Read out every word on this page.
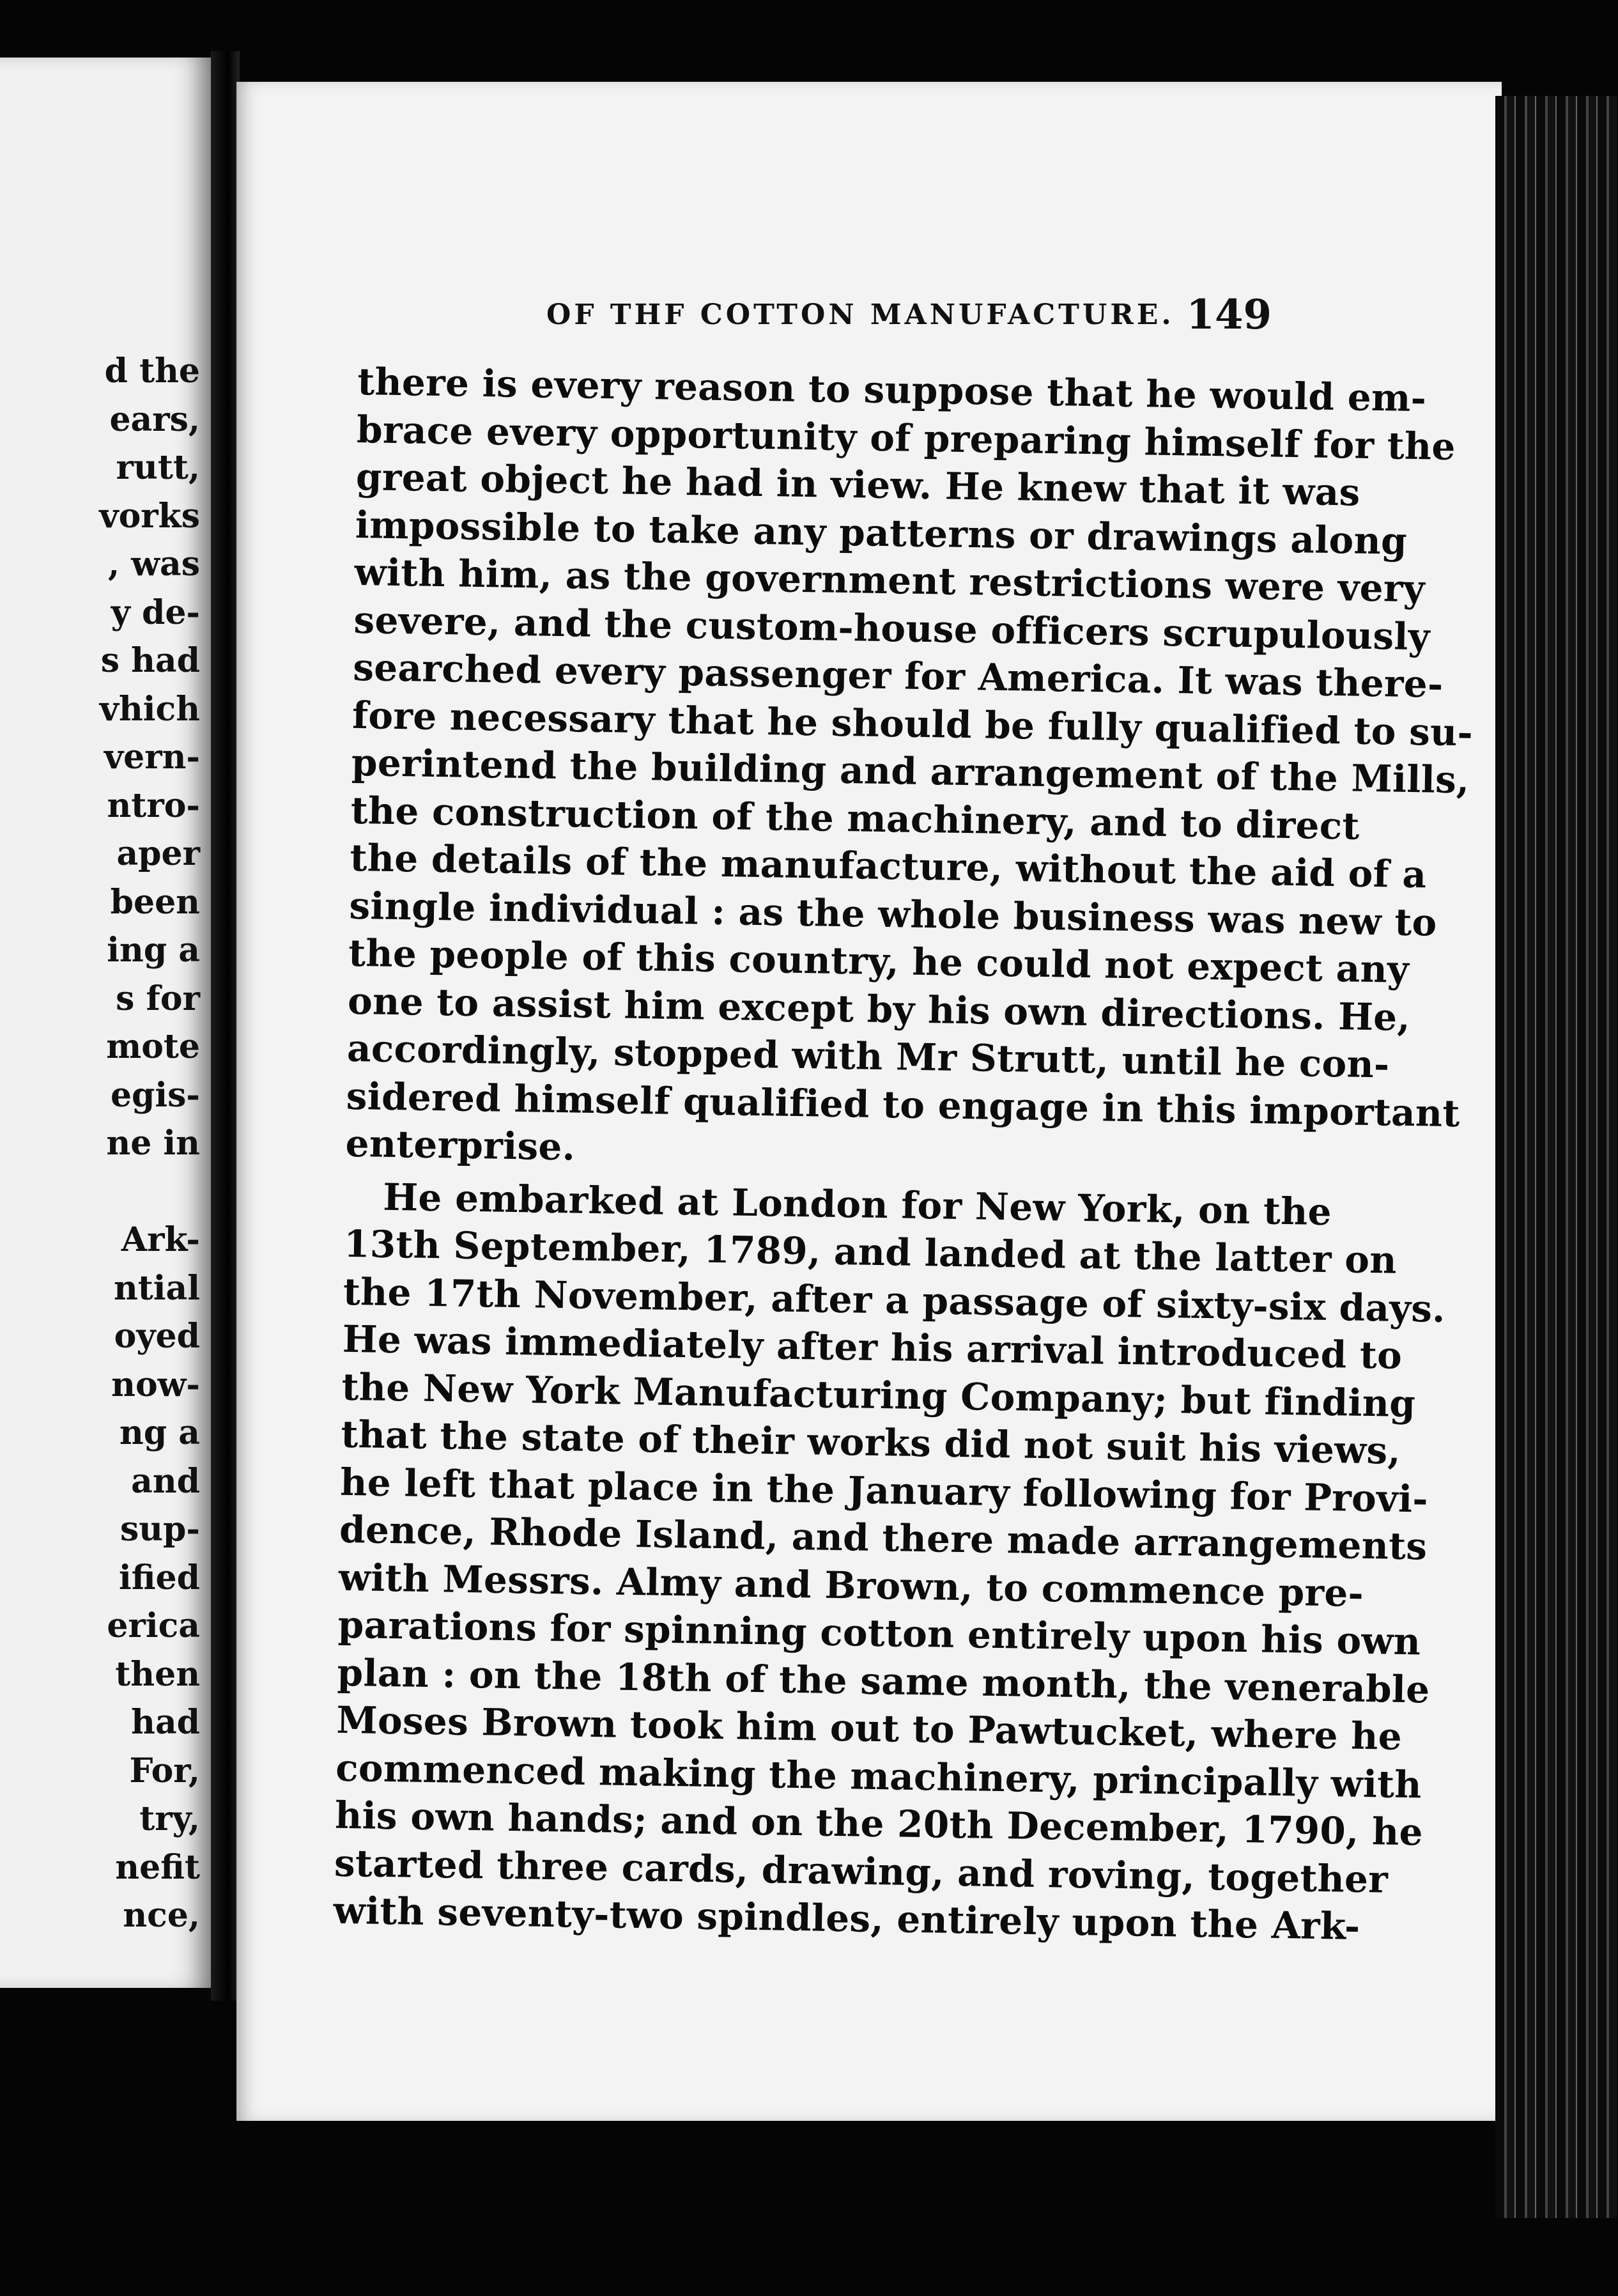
d the
ears,
rutt,
vorks
, was
y de-
s had
vhich
vern-
ntro-
aper
been
ing a
s for
mote
egis-
ne in
Ark-
ntial
oyed
now-
ng a
and
sup-
ified
erica
then
had
For,
try,
nefit
nce,
OF THF COTTON MANUFACTURE. 149
there is every reason to suppose that he would em-
brace every opportunity of preparing himself for the
great object he had in view. He knew that it was
impossible to take any patterns or drawings along
with him, as the government restrictions were very
severe, and the custom-house officers scrupulously
searched every passenger for America. It was there-
fore necessary that he should be fully qualified to su-
perintend the building and arrangement of the Mills,
the construction of the machinery, and to direct
the details of the manufacture, without the aid of a
single individual : as the whole business was new to
the people of this country, he could not expect any
one to assist him except by his own directions. He,
accordingly, stopped with Mr Strutt, until he con-
sidered himself qualified to engage in this important
enterprise.
He embarked at London for New York, on the
13th September, 1789, and landed at the latter on
the 17th November, after a passage of sixty-six days.
He was immediately after his arrival introduced to
the New York Manufacturing Company; but finding
that the state of their works did not suit his views,
he left that place in the January following for Provi-
dence, Rhode Island, and there made arrangements
with Messrs. Almy and Brown, to commence pre-
parations for spinning cotton entirely upon his own
plan : on the 18th of the same month, the venerable
Moses Brown took him out to Pawtucket, where he
commenced making the machinery, principally with
his own hands; and on the 20th December, 1790, he
started three cards, drawing, and roving, together
with seventy-two spindles, entirely upon the Ark-
